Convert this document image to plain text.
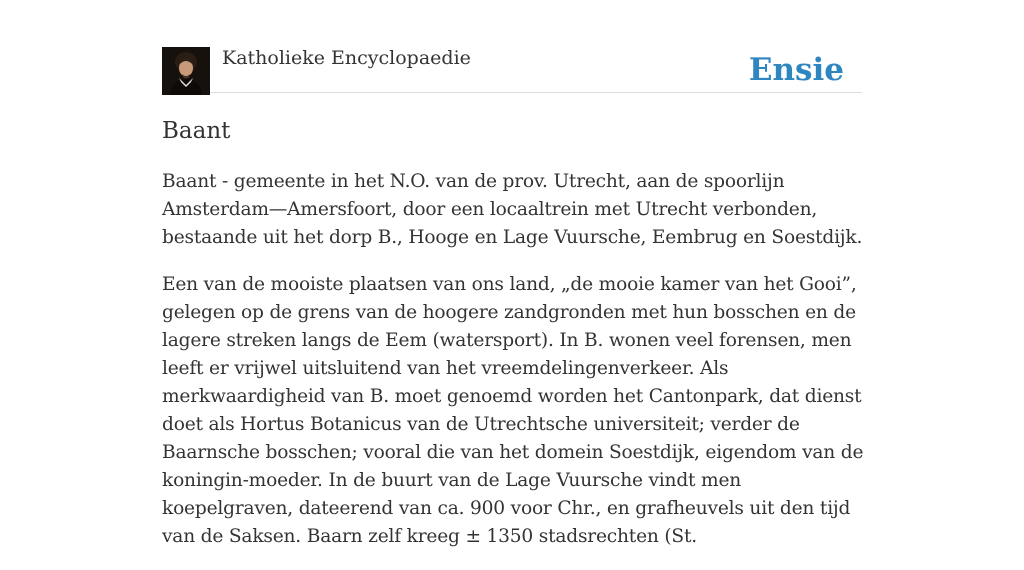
Katholieke Encyclopaedie	Ensie
Baant

Baant - gemeente in het N.O. van de prov. Utrecht, aan de spoorlijn Amsterdam—Amersfoort, door een locaaltrein met Utrecht verbonden, bestaande uit het dorp B., Hooge en Lage Vuursche, Eembrug en Soestdijk.

Een van de mooiste plaatsen van ons land, „de mooie kamer van het Gooi”, gelegen op de grens van de hoogere zandgronden met hun bosschen en de lagere streken langs de Eem (watersport). In B. wonen veel forensen, men leeft er vrijwel uitsluitend van het vreemdelingenverkeer. Als merkwaardigheid van B. moet genoemd worden het Cantonpark, dat dienst doet als Hortus Botanicus van de Utrechtsche universiteit; verder de Baarnsche bosschen; vooral die van het domein Soestdijk, eigendom van de koningin-moeder. In de buurt van de Lage Vuursche vindt men koepelgraven, dateerend van ca. 900 voor Chr., en grafheuvels uit den tijd van de Saksen. Baarn zelf kreeg ± 1350 stadsrechten (St.
